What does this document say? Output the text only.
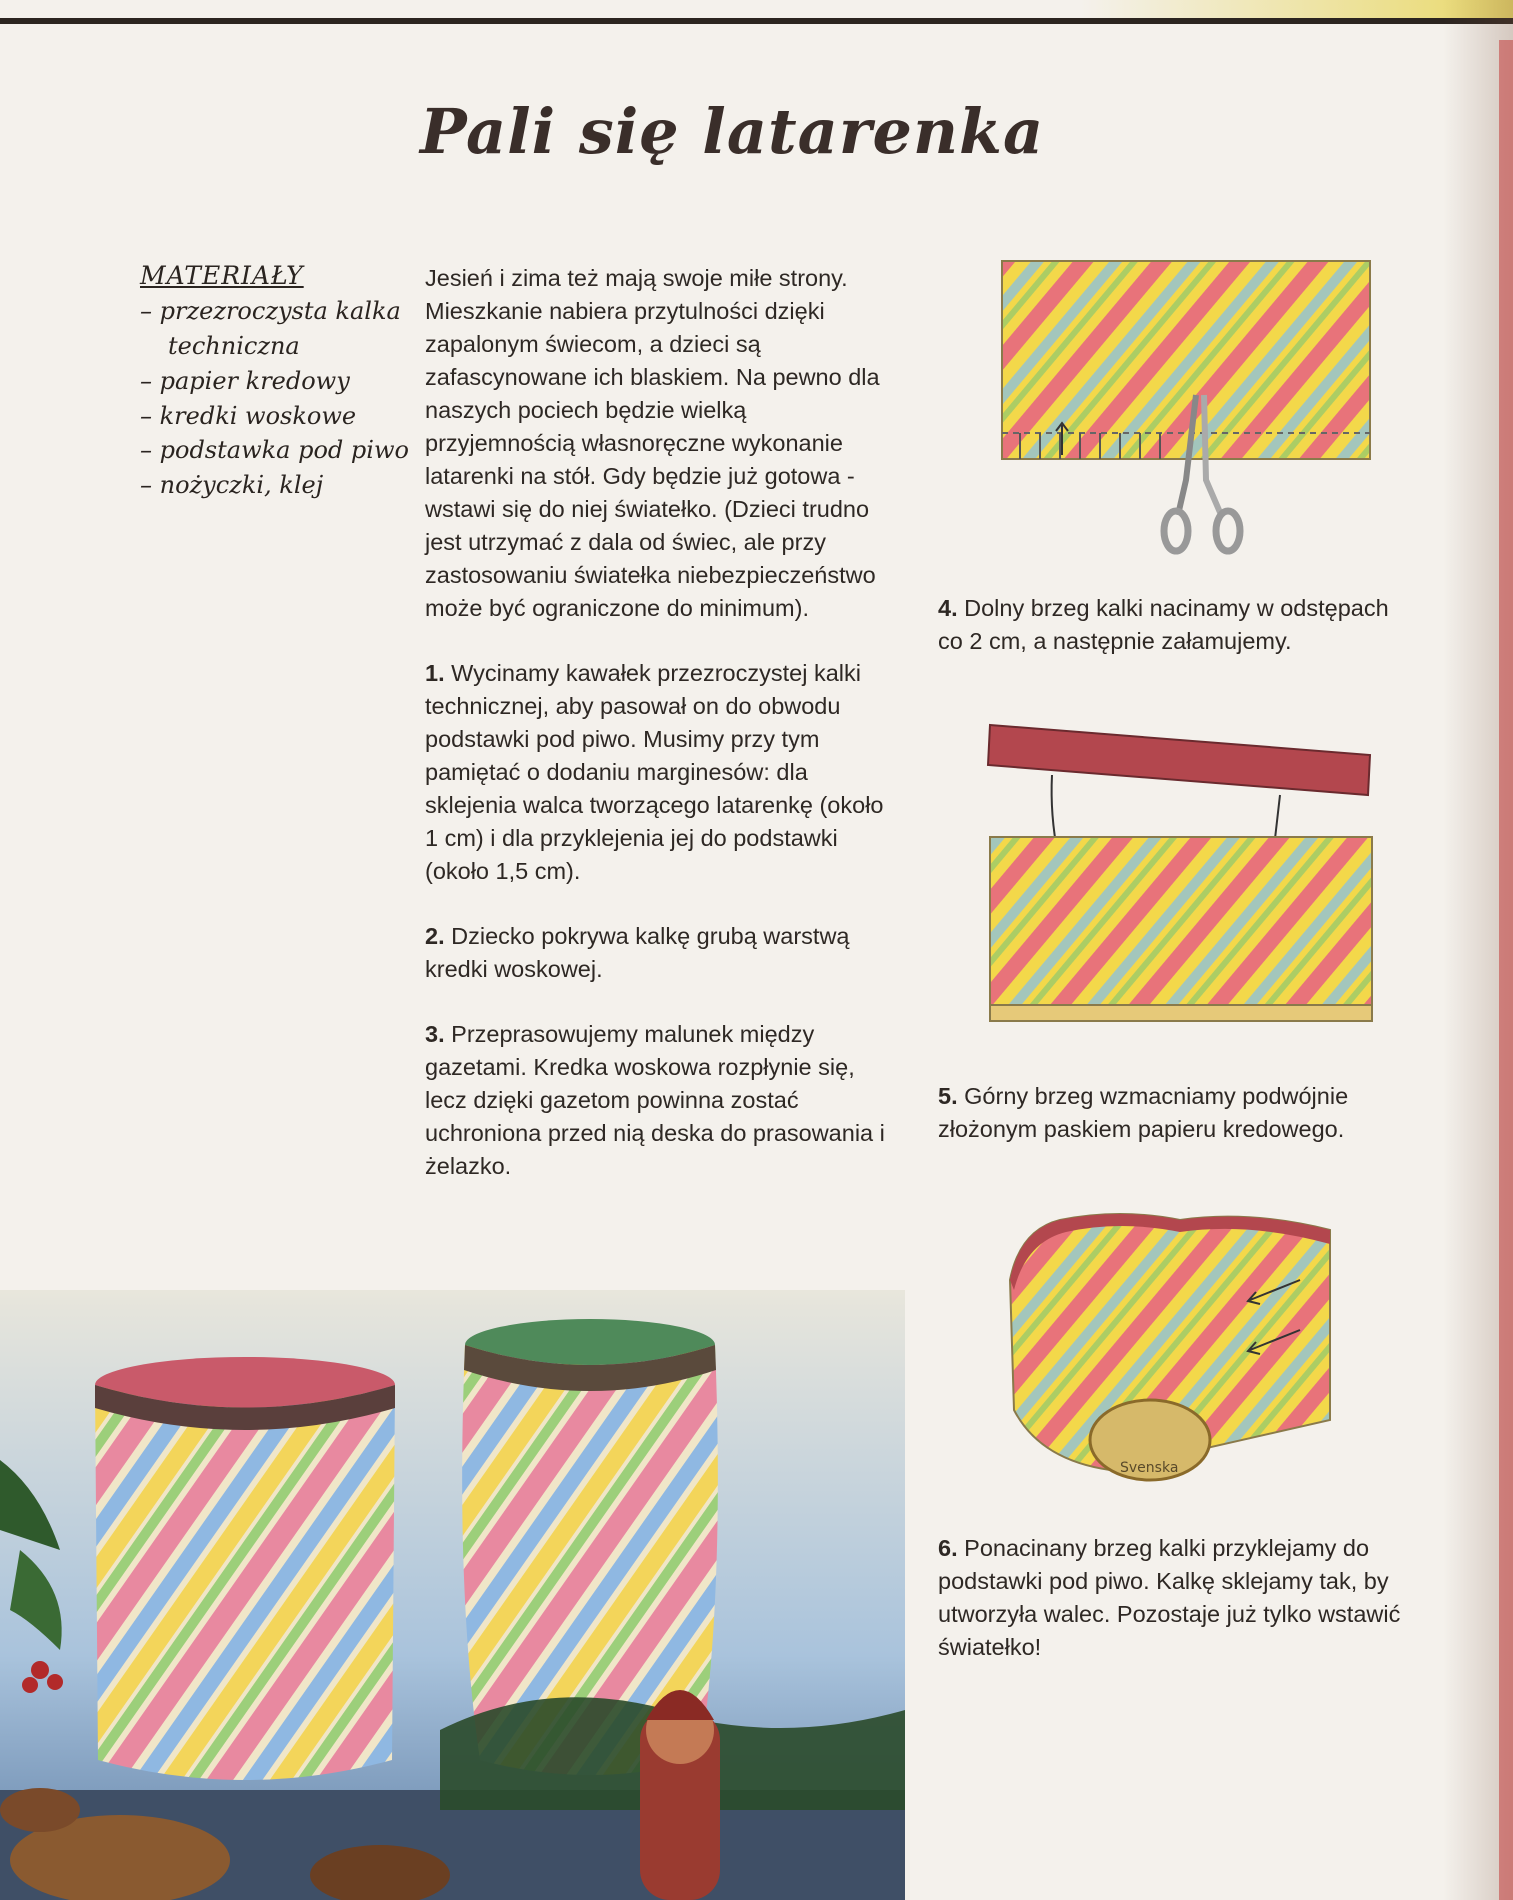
Pali się latarenka
MATERIAŁY
– przezroczysta kalka
techniczna
– papier kredowy
– kredki woskowe
– podstawka pod piwo
– nożyczki, klej

Jesień i zima też mają swoje miłe strony. Mieszkanie nabiera przytulności dzięki zapalonym świecom, a dzieci są zafascynowane ich blaskiem. Na pewno dla naszych pociech będzie wielką przyjemnością własnoręczne wykonanie latarenki na stół. Gdy będzie już gotowa - wstawi się do niej światełko. (Dzieci trudno jest utrzymać z dala od świec, ale przy zastosowaniu światełka niebezpieczeństwo może być ograniczone do minimum).

1. Wycinamy kawałek przezroczystej kalki technicznej, aby pasował on do obwodu podstawki pod piwo. Musimy przy tym pamiętać o dodaniu marginesów: dla sklejenia walca tworzącego latarenkę (około 1 cm) i dla przyklejenia jej do podstawki (około 1,5 cm).

2. Dziecko pokrywa kalkę grubą warstwą kredki woskowej.

3. Przeprasowujemy malunek między gazetami. Kredka woskowa rozpłynie się, lecz dzięki gazetom powinna zostać uchroniona przed nią deska do prasowania i żelazko.

4. Dolny brzeg kalki nacinamy w odstępach co 2 cm, a następnie załamujemy.
5. Górny brzeg wzmacniamy podwójnie złożonym paskiem papieru kredowego.
Svenska
6. Ponacinany brzeg kalki przyklejamy do podstawki pod piwo. Kalkę sklejamy tak, by utworzyła walec. Pozostaje już tylko wstawić światełko!
